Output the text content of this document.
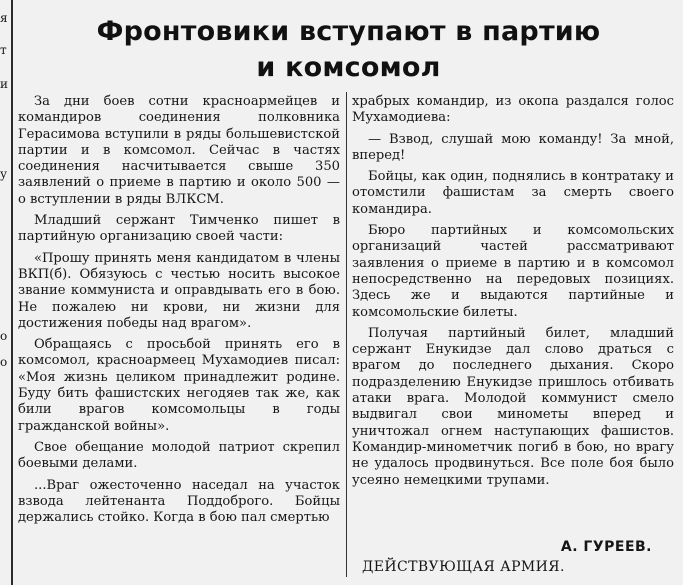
я
т
и
у
о
о
Фронтовики вступают в партию
и комсомол

За дни боев сотни красноармейцев и командиров соединения полковника Герасимова вступили в ряды большевистской партии и в комсомол. Сейчас в частях соединения насчитывается свыше 350 заявлений о приеме в партию и около 500 — о вступлении в ряды ВЛКСМ.

Младший сержант Тимченко пишет в партийную организацию своей части:

«Прошу принять меня кандидатом в члены ВКП(б). Обязуюсь с честью носить высокое звание коммуниста и оправдывать его в бою. Не пожалею ни крови, ни жизни для достижения победы над врагом».

Обращаясь с просьбой принять его в комсомол, красноармеец Мухамодиев писал: «Моя жизнь целиком принадлежит родине. Буду бить фашистских негодяев так же, как били врагов комсомольцы в годы гражданской войны».

Свое обещание молодой патриот скрепил боевыми делами.

...Враг ожесточенно наседал на участок взвода лейтенанта Поддоброго. Бойцы держались стойко. Когда в бою пал смертью

храбрых командир, из окопа раздался голос Мухамодиева:

— Взвод, слушай мою команду! За мной, вперед!

Бойцы, как один, поднялись в контратаку и отомстили фашистам за смерть своего командира.

Бюро партийных и комсомольских организаций частей рассматривают заявления о приеме в партию и в комсомол непосредственно на передовых позициях. Здесь же и выдаются партийные и комсомольские билеты.

Получая партийный билет, младший сержант Енукидзе дал слово драться с врагом до последнего дыхания. Скоро подразделению Енукидзе пришлось отбивать атаки врага. Молодой коммунист смело выдвигал свои минометы вперед и уничтожал огнем наступающих фашистов. Командир-минометчик погиб в бою, но врагу не удалось продвинуться. Все поле боя было усеяно немецкими трупами.

А. ГУРЕЕВ.
ДЕЙСТВУЮЩАЯ АРМИЯ.
